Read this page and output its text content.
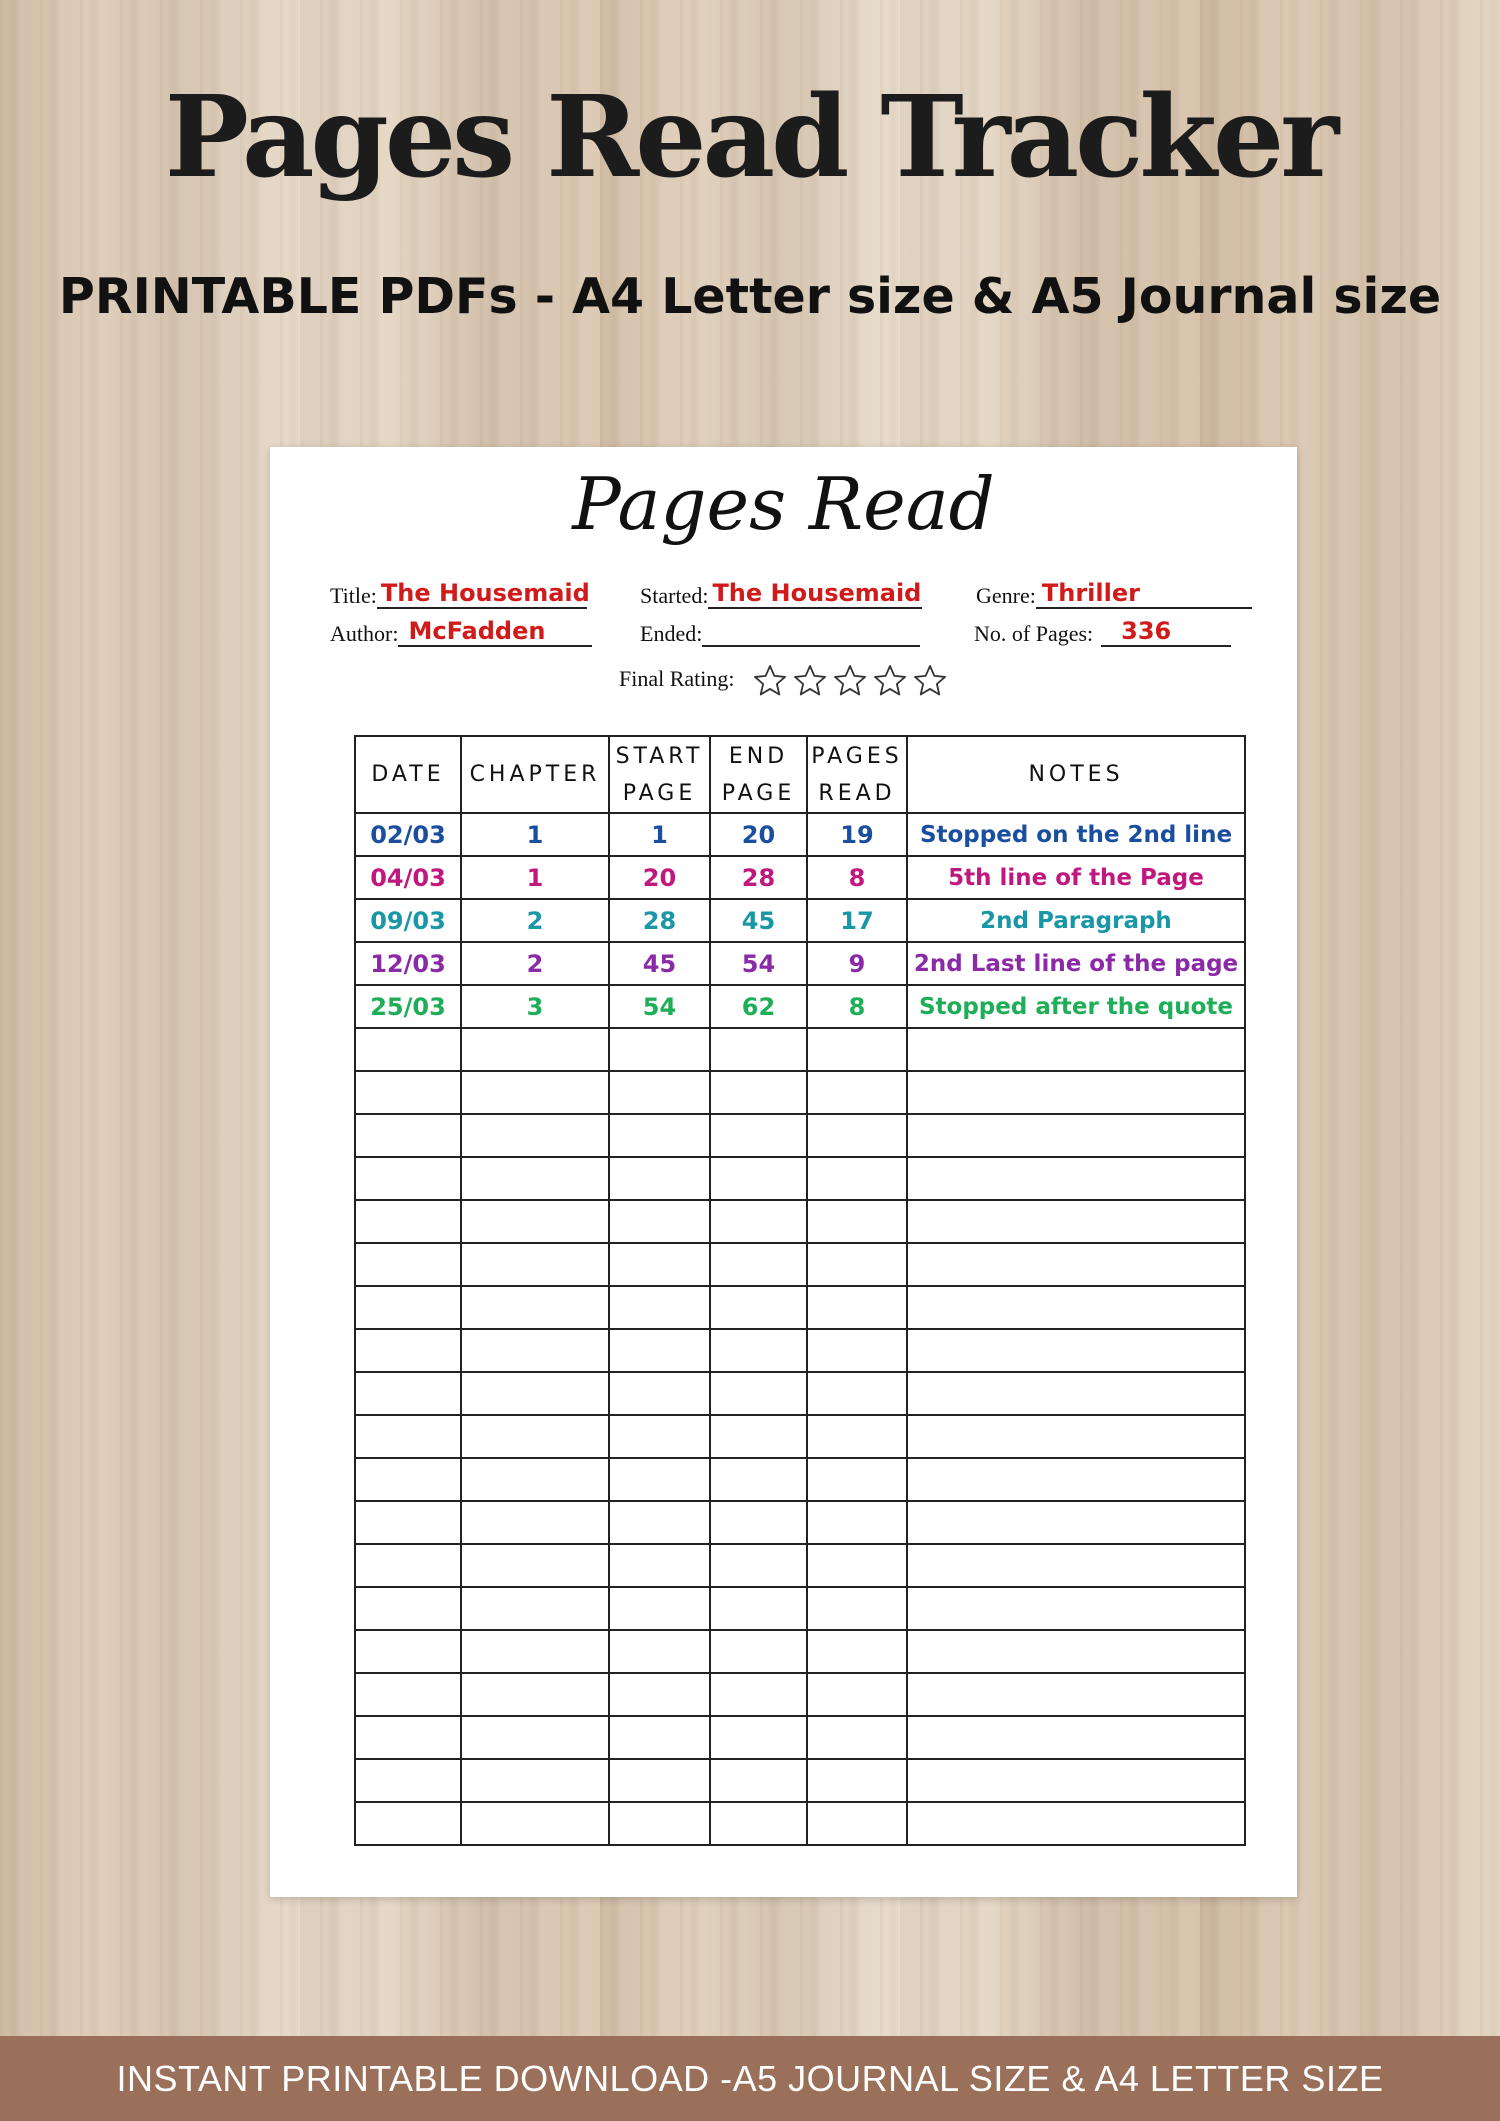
Pages Read Tracker
PRINTABLE PDFs - A4 Letter size & A5 Journal size
Pages Read
Title: The Housemaid
Author: McFadden
Started: The Housemaid
Ended:
Genre: Thriller
No. of Pages: 336
Final Rating:
DATE	CHAPTER	START PAGE	END PAGE	PAGES READ	NOTES
02/03	1	1	20	19	Stopped on the 2nd line
04/03	1	20	28	8	5th line of the Page
09/03	2	28	45	17	2nd Paragraph
12/03	2	45	54	9	2nd Last line of the page
25/03	3	54	62	8	Stopped after the quote

INSTANT PRINTABLE DOWNLOAD -A5 JOURNAL SIZE & A4 LETTER SIZE
